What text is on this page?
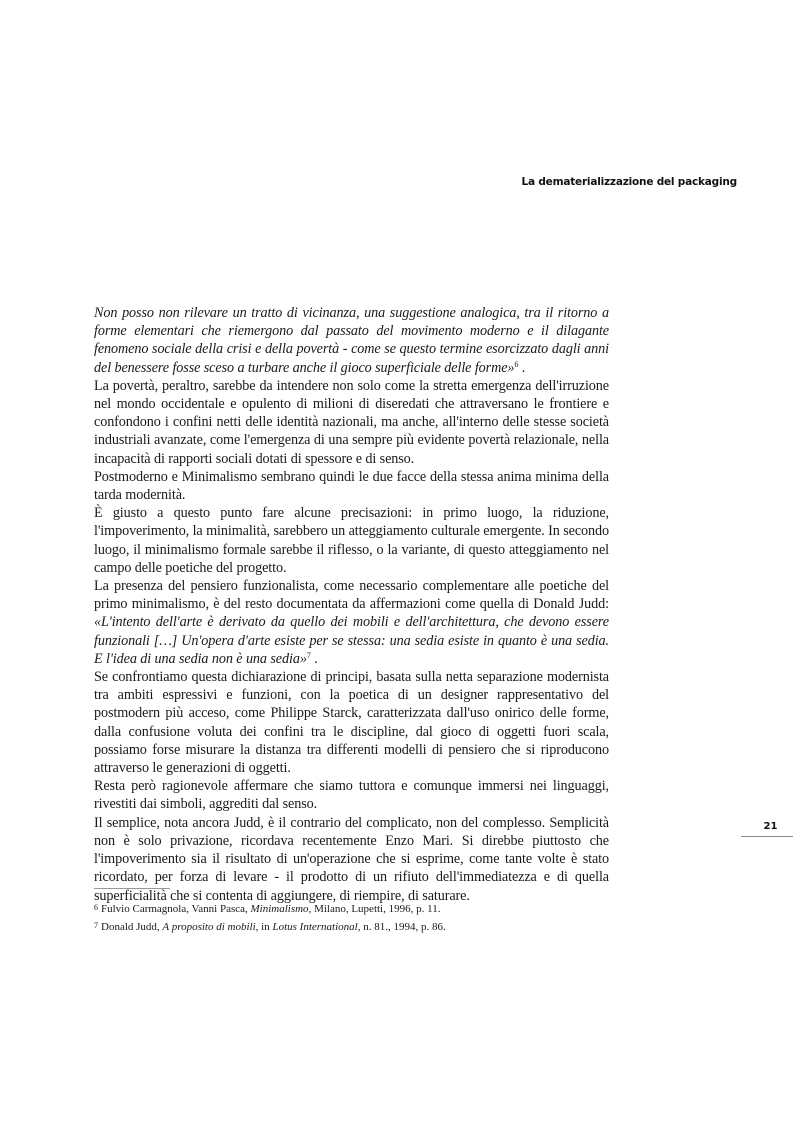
La dematerializzazione del packaging

Non posso non rilevare un tratto di vicinanza, una suggestione analogica, tra il ritorno a forme elementari che riemergono dal passato del movimento moderno e il dilagante fenomeno sociale della crisi e della povertà - come se questo termine esorcizzato dagli anni del benessere fosse sceso a turbare anche il gioco superficiale delle forme»$^6$ .

La povertà, peraltro, sarebbe da intendere non solo come la stretta emergenza dell'irruzione nel mondo occidentale e opulento di milioni di diseredati che attraversano le frontiere e confondono i confini netti delle identità nazionali, ma anche, all'interno delle stesse società industriali avanzate, come l'emergenza di una sempre più evidente povertà relazionale, nella incapacità di rapporti sociali dotati di spessore e di senso.

Postmoderno e Minimalismo sembrano quindi le due facce della stessa anima minima della tarda modernità.

È giusto a questo punto fare alcune precisazioni: in primo luogo, la riduzione, l'impoverimento, la minimalità, sarebbero un atteggiamento culturale emergente. In secondo luogo, il minimalismo formale sarebbe il riflesso, o la variante, di questo atteggiamento nel campo delle poetiche del progetto.

La presenza del pensiero funzionalista, come necessario complementare alle poetiche del primo minimalismo, è del resto documentata da affermazioni come quella di Donald Judd: «L'intento dell'arte è derivato da quello dei mobili e dell'architettura, che devono essere funzionali […] Un'opera d'arte esiste per se stessa: una sedia esiste in quanto è una sedia. E l'idea di una sedia non è una sedia»$^7$ .

Se confrontiamo questa dichiarazione di principi, basata sulla netta separazione modernista tra ambiti espressivi e funzioni, con la poetica di un designer rappresentativo del postmodern più acceso, come Philippe Starck, caratterizzata dall'uso onirico delle forme, dalla confusione voluta dei confini tra le discipline, dal gioco di oggetti fuori scala, possiamo forse misurare la distanza tra differenti modelli di pensiero che si riproducono attraverso le generazioni di oggetti.

Resta però ragionevole affermare che siamo tuttora e comunque immersi nei linguaggi, rivestiti dai simboli, aggrediti dal senso.

Il semplice, nota ancora Judd, è il contrario del complicato, non del complesso. Semplicità non è solo privazione, ricordava recentemente Enzo Mari. Si direbbe piuttosto che l'impoverimento sia il risultato di un'operazione che si esprime, come tante volte è stato ricordato, per forza di levare - il prodotto di un rifiuto dell'immediatezza e di quella superficialità che si contenta di aggiungere, di riempire, di saturare.

21

6 Fulvio Carmagnola, Vanni Pasca, Minimalismo, Milano, Lupetti, 1996, p. 11.

7 Donald Judd, A proposito di mobili, in Lotus International, n. 81., 1994, p. 86.
